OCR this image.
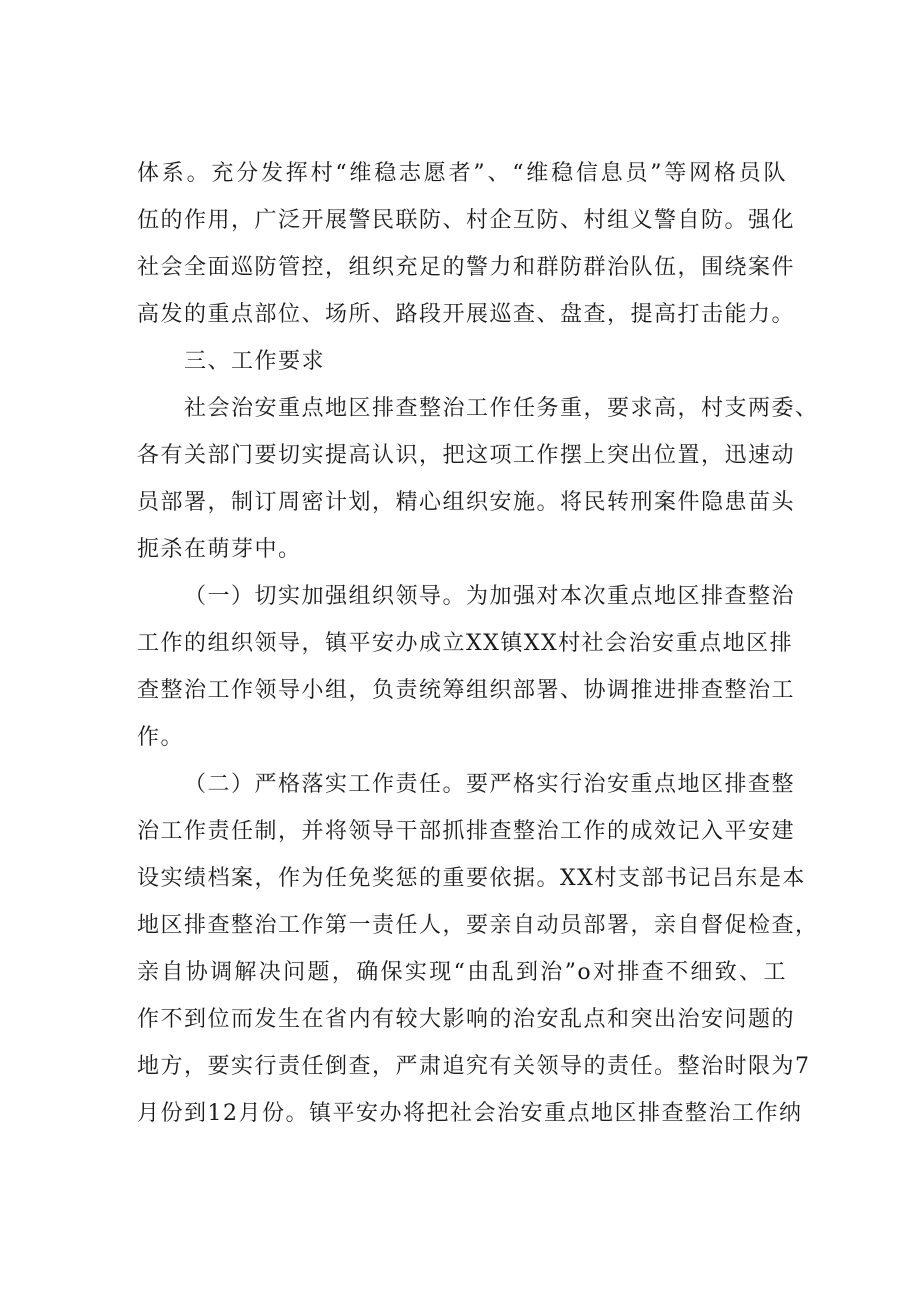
体系。充分发挥村“维稳志愿者”、“维稳信息员”等网格员队
伍的作用，广泛开展警民联防、村企互防、村组义警自防。强化
社会全面巡防管控，组织充足的警力和群防群治队伍，围绕案件
高发的重点部位、场所、路段开展巡查、盘查，提高打击能力。
三、工作要求
社会治安重点地区排查整治工作任务重，要求高，村支两委、
各有关部门要切实提高认识，把这项工作摆上突出位置，迅速动
员部署，制订周密计划，精心组织安施。将民转刑案件隐患苗头
扼杀在萌芽中。
（一）切实加强组织领导。为加强对本次重点地区排查整治
工作的组织领导，镇平安办成立XX镇XX村社会治安重点地区排
查整治工作领导小组，负责统筹组织部署、协调推进排查整治工
作。
（二）严格落实工作责任。要严格实行治安重点地区排查整
治工作责任制，并将领导干部抓排查整治工作的成效记入平安建
设实绩档案，作为任免奖惩的重要依据。XX村支部书记吕东是本
地区排查整治工作第一责任人，要亲自动员部署，亲自督促检查，
亲自协调解决问题，确保实现“由乱到治”o对排查不细致、工
作不到位而发生在省内有较大影响的治安乱点和突出治安问题的
地方，要实行责任倒查，严肃追究有关领导的责任。整治时限为7
月份到12月份。镇平安办将把社会治安重点地区排查整治工作纳
